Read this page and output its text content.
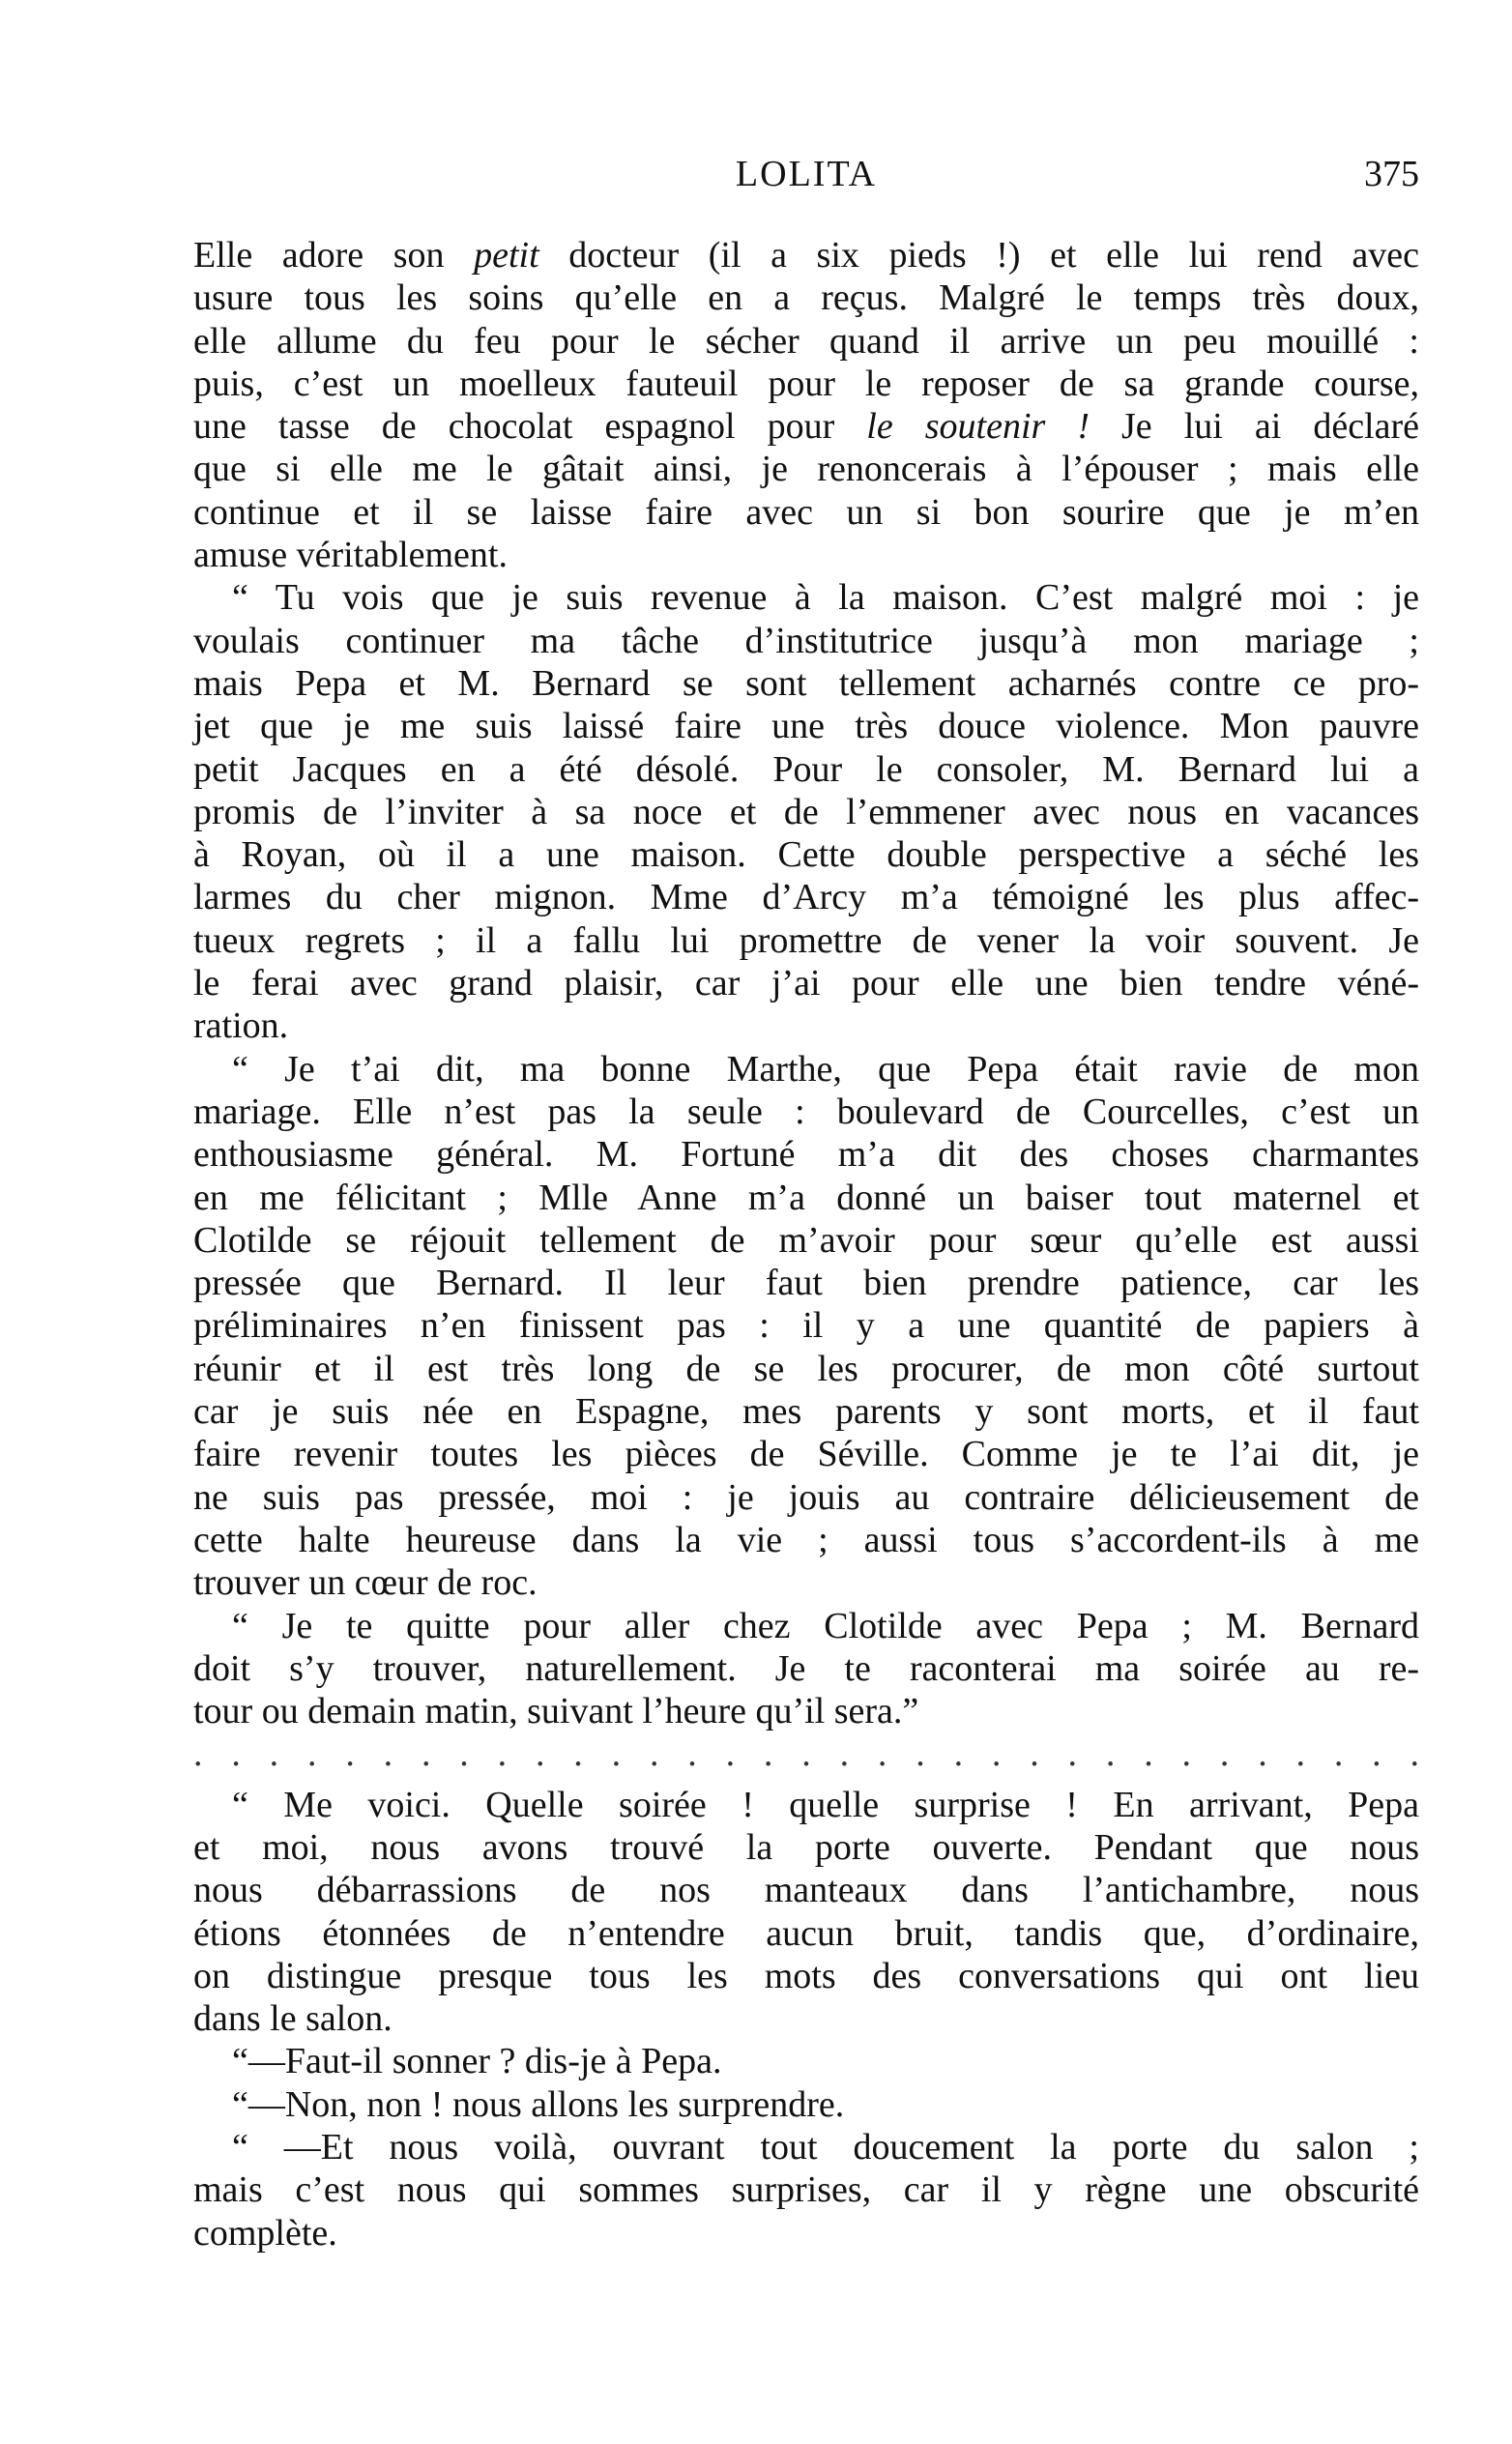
LOLITA	375
Elle adore son petit docteur (il a six pieds !) et elle lui rend avec
usure tous les soins qu’elle en a reçus. Malgré le temps très doux,
elle allume du feu pour le sécher quand il arrive un peu mouillé :
puis, c’est un moelleux fauteuil pour le reposer de sa grande course,
une tasse de chocolat espagnol pour le soutenir ! Je lui ai déclaré
que si elle me le gâtait ainsi, je renoncerais à l’épouser ; mais elle
continue et il se laisse faire avec un si bon sourire que je m’en
amuse véritablement.
“ Tu vois que je suis revenue à la maison. C’est malgré moi : je
voulais continuer ma tâche d’institutrice jusqu’à mon mariage ;
mais Pepa et M. Bernard se sont tellement acharnés contre ce pro-
jet que je me suis laissé faire une très douce violence. Mon pauvre
petit Jacques en a été désolé. Pour le consoler, M. Bernard lui a
promis de l’inviter à sa noce et de l’emmener avec nous en vacances
à Royan, où il a une maison. Cette double perspective a séché les
larmes du cher mignon. Mme d’Arcy m’a témoigné les plus affec-
tueux regrets ; il a fallu lui promettre de vener la voir souvent. Je
le ferai avec grand plaisir, car j’ai pour elle une bien tendre véné-
ration.
“ Je t’ai dit, ma bonne Marthe, que Pepa était ravie de mon
mariage. Elle n’est pas la seule : boulevard de Courcelles, c’est un
enthousiasme général. M. Fortuné m’a dit des choses charmantes
en me félicitant ; Mlle Anne m’a donné un baiser tout maternel et
Clotilde se réjouit tellement de m’avoir pour sœur qu’elle est aussi
pressée que Bernard. Il leur faut bien prendre patience, car les
préliminaires n’en finissent pas : il y a une quantité de papiers à
réunir et il est très long de se les procurer, de mon côté surtout
car je suis née en Espagne, mes parents y sont morts, et il faut
faire revenir toutes les pièces de Séville. Comme je te l’ai dit, je
ne suis pas pressée, moi : je jouis au contraire délicieusement de
cette halte heureuse dans la vie ; aussi tous s’accordent-ils à me
trouver un cœur de roc.
“ Je te quitte pour aller chez Clotilde avec Pepa ; M. Bernard
doit s’y trouver, naturellement. Je te raconterai ma soirée au re-
tour ou demain matin, suivant l’heure qu’il sera.”
. . . . . . . . . . . . . . . . . . . . . . . . . . . . . . . . .
“ Me voici. Quelle soirée ! quelle surprise ! En arrivant, Pepa
et moi, nous avons trouvé la porte ouverte. Pendant que nous
nous débarrassions de nos manteaux dans l’antichambre, nous
étions étonnées de n’entendre aucun bruit, tandis que, d’ordinaire,
on distingue presque tous les mots des conversations qui ont lieu
dans le salon.
“—Faut-il sonner ? dis-je à Pepa.
“—Non, non ! nous allons les surprendre.
“ —Et nous voilà, ouvrant tout doucement la porte du salon ;
mais c’est nous qui sommes surprises, car il y règne une obscurité
complète.
